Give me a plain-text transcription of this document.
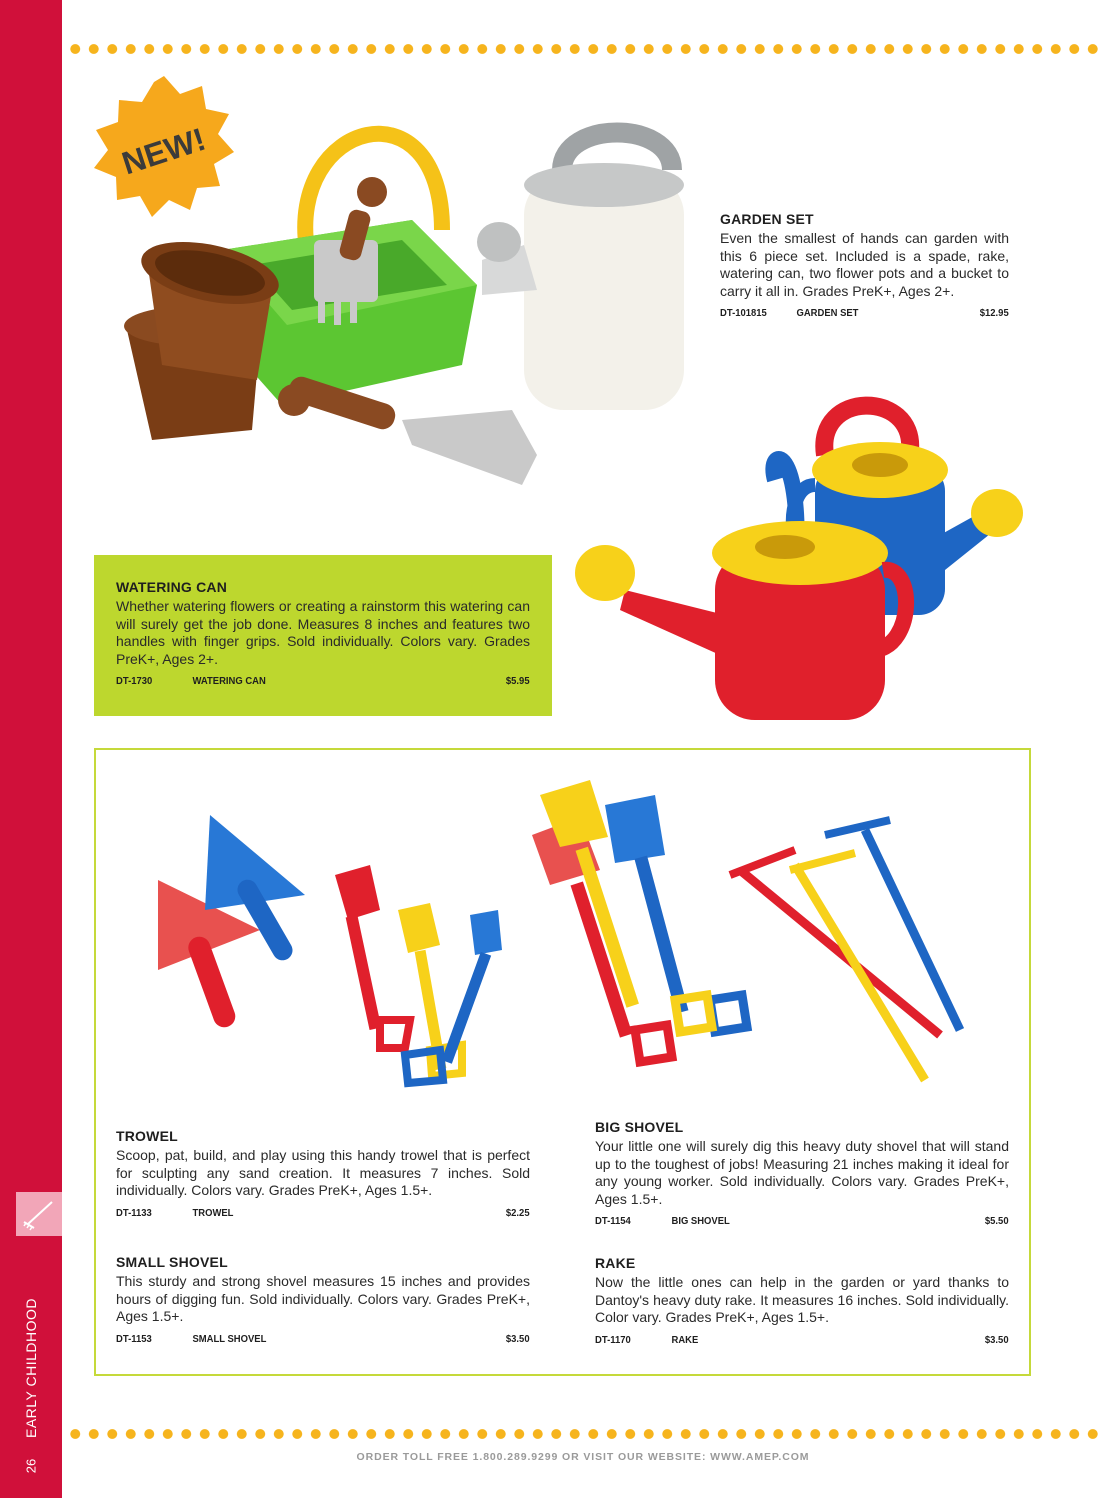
EARLY CHILDHOOD
26
NEW!
GARDEN SET
Even the smallest of hands can garden with this 6 piece set. Included is a spade, rake, watering can, two flower pots and a bucket to carry it all in. Grades PreK+, Ages 2+.
DT-101815	GARDEN SET	$12.95
WATERING CAN
Whether watering flowers or creating a rainstorm this watering can will surely get the job done. Measures 8 inches and features two handles with finger grips. Sold individually. Colors vary. Grades PreK+, Ages 2+.
DT-1730	WATERING CAN	$5.95
TROWEL
Scoop, pat, build, and play using this handy trowel that is perfect for sculpting any sand creation. It measures 7 inches. Sold individually. Colors vary. Grades PreK+, Ages 1.5+.
DT-1133	TROWEL	$2.25
SMALL SHOVEL
This sturdy and strong shovel measures 15 inches and provides hours of digging fun. Sold individually. Colors vary. Grades PreK+, Ages 1.5+.
DT-1153	SMALL SHOVEL	$3.50
BIG SHOVEL
Your little one will surely dig this heavy duty shovel that will stand up to the toughest of jobs! Measuring 21 inches making it ideal for any young worker. Sold individually. Colors vary. Grades PreK+, Ages 1.5+.
DT-1154	BIG SHOVEL	$5.50
RAKE
Now the little ones can help in the garden or yard thanks to Dantoy's heavy duty rake. It measures 16 inches. Sold individually. Color vary. Grades PreK+, Ages 1.5+.
DT-1170	RAKE	$3.50
ORDER TOLL FREE 1.800.289.9299 OR VISIT OUR WEBSITE: WWW.AMEP.COM
